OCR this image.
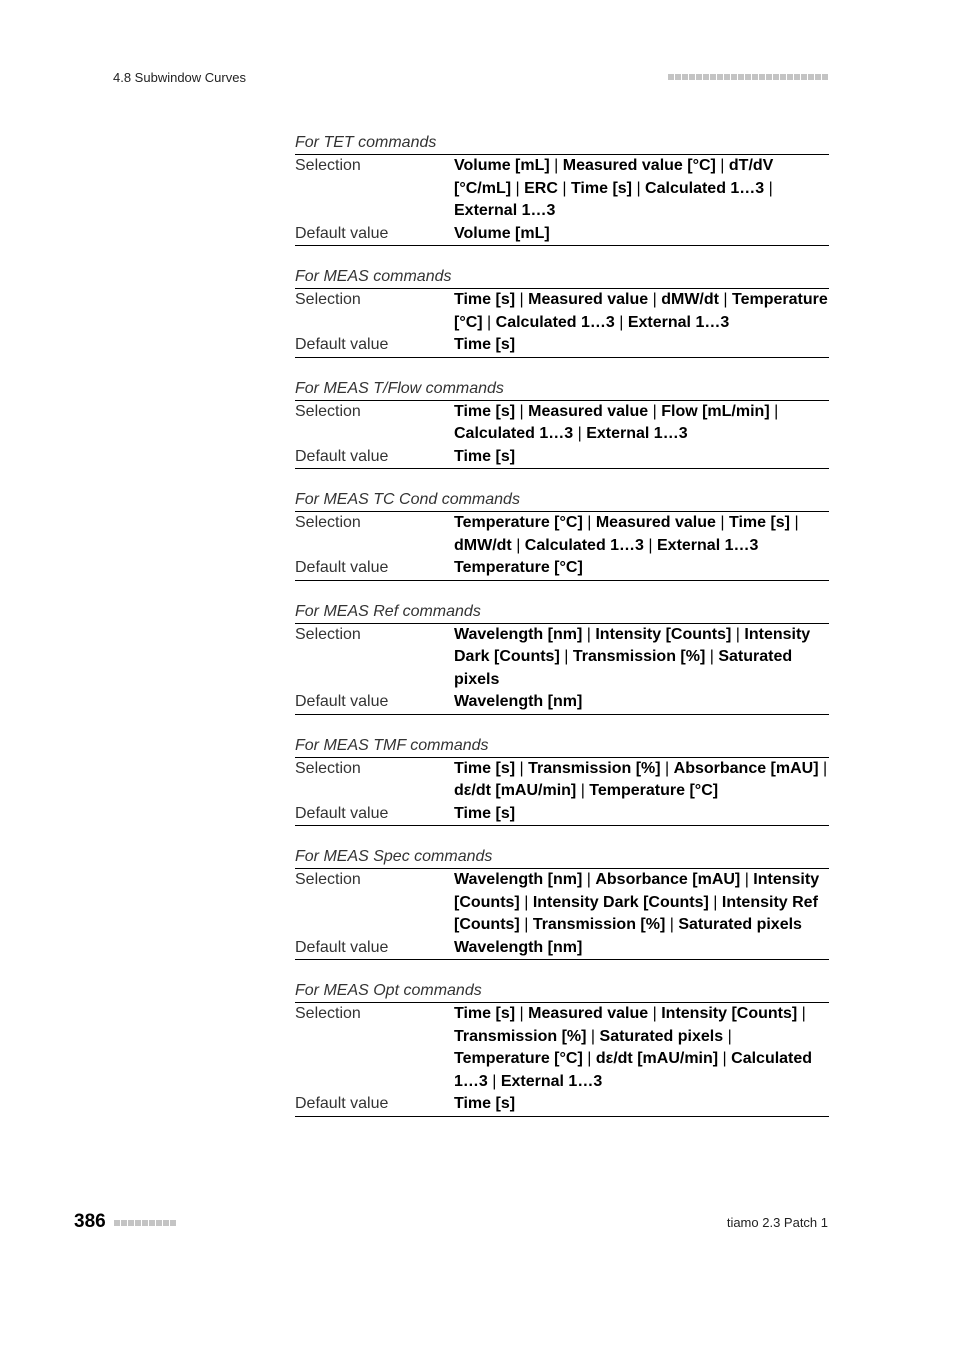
4.8 Subwindow Curves
For TET commands
Selection	Volume [mL] | Measured value [°C] | dT/dV [°C/mL] | ERC | Time [s] | Calculated 1…3 | External 1…3
Default value	Volume [mL]
For MEAS commands
Selection	Time [s] | Measured value | dMW/dt | Temperature [°C] | Calculated 1…3 | External 1…3
Default value	Time [s]
For MEAS T/Flow commands
Selection	Time [s] | Measured value | Flow [mL/min] | Calculated 1…3 | External 1…3
Default value	Time [s]
For MEAS TC Cond commands
Selection	Temperature [°C] | Measured value | Time [s] | dMW/dt | Calculated 1…3 | External 1…3
Default value	Temperature [°C]
For MEAS Ref commands
Selection	Wavelength [nm] | Intensity [Counts] | Intensity Dark [Counts] | Transmission [%] | Saturated pixels
Default value	Wavelength [nm]
For MEAS TMF commands
Selection	Time [s] | Transmission [%] | Absorbance [mAU] | dε/dt [mAU/min] | Temperature [°C]
Default value	Time [s]
For MEAS Spec commands
Selection	Wavelength [nm] | Absorbance [mAU] | Intensity [Counts] | Intensity Dark [Counts] | Intensity Ref [Counts] | Transmission [%] | Saturated pixels
Default value	Wavelength [nm]
For MEAS Opt commands
Selection	Time [s] | Measured value | Intensity [Counts] | Transmission [%] | Saturated pixels | Temperature [°C] | dε/dt [mAU/min] | Calculated 1…3 | External 1…3
Default value	Time [s]
386	tiamo 2.3 Patch 1
